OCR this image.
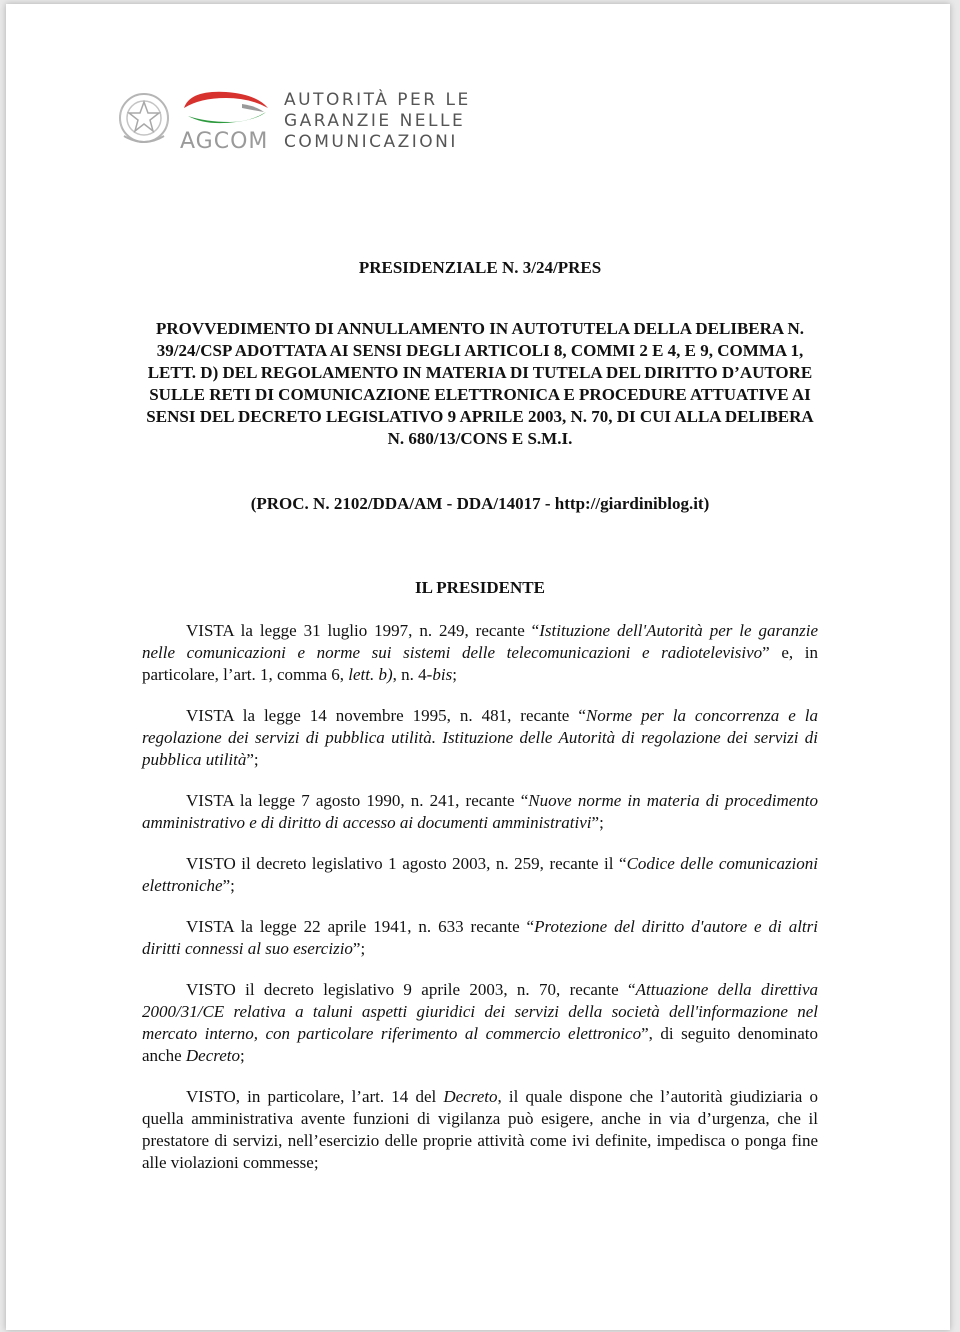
AGCOM
AUTORITÀ PER LE
GARANZIE NELLE
COMUNICAZIONI
PRESIDENZIALE N. 3/24/PRES
PROVVEDIMENTO DI ANNULLAMENTO IN AUTOTUTELA DELLA DELIBERA N. 39/24/CSP ADOTTATA AI SENSI DEGLI ARTICOLI 8, COMMI 2 E 4, E 9, COMMA 1, LETT. D) DEL REGOLAMENTO IN MATERIA DI TUTELA DEL DIRITTO D’AUTORE SULLE RETI DI COMUNICAZIONE ELETTRONICA E PROCEDURE ATTUATIVE AI SENSI DEL DECRETO LEGISLATIVO 9 APRILE 2003, N. 70, DI CUI ALLA DELIBERA N. 680/13/CONS E S.M.I.
(PROC. N. 2102/DDA/AM - DDA/14017 - http://giardiniblog.it)
IL PRESIDENTE

VISTA la legge 31 luglio 1997, n. 249, recante “Istituzione dell'Autorità per le garanzie nelle comunicazioni e norme sui sistemi delle telecomunicazioni e radiotelevisivo” e, in particolare, l’art. 1, comma 6, lett. b), n. 4-bis;

VISTA la legge 14 novembre 1995, n. 481, recante “Norme per la concorrenza e la regolazione dei servizi di pubblica utilità. Istituzione delle Autorità di regolazione dei servizi di pubblica utilità”;

VISTA la legge 7 agosto 1990, n. 241, recante “Nuove norme in materia di procedimento amministrativo e di diritto di accesso ai documenti amministrativi”;

VISTO il decreto legislativo 1 agosto 2003, n. 259, recante il “Codice delle comunicazioni elettroniche”;

VISTA la legge 22 aprile 1941, n. 633 recante “Protezione del diritto d'autore e di altri diritti connessi al suo esercizio”;

VISTO il decreto legislativo 9 aprile 2003, n. 70, recante “Attuazione della direttiva 2000/31/CE relativa a taluni aspetti giuridici dei servizi della società dell'informazione nel mercato interno, con particolare riferimento al commercio elettronico”, di seguito denominato anche Decreto;

VISTO, in particolare, l’art. 14 del Decreto, il quale dispone che l’autorità giudiziaria o quella amministrativa avente funzioni di vigilanza può esigere, anche in via d’urgenza, che il prestatore di servizi, nell’esercizio delle proprie attività come ivi definite, impedisca o ponga fine alle violazioni commesse;
